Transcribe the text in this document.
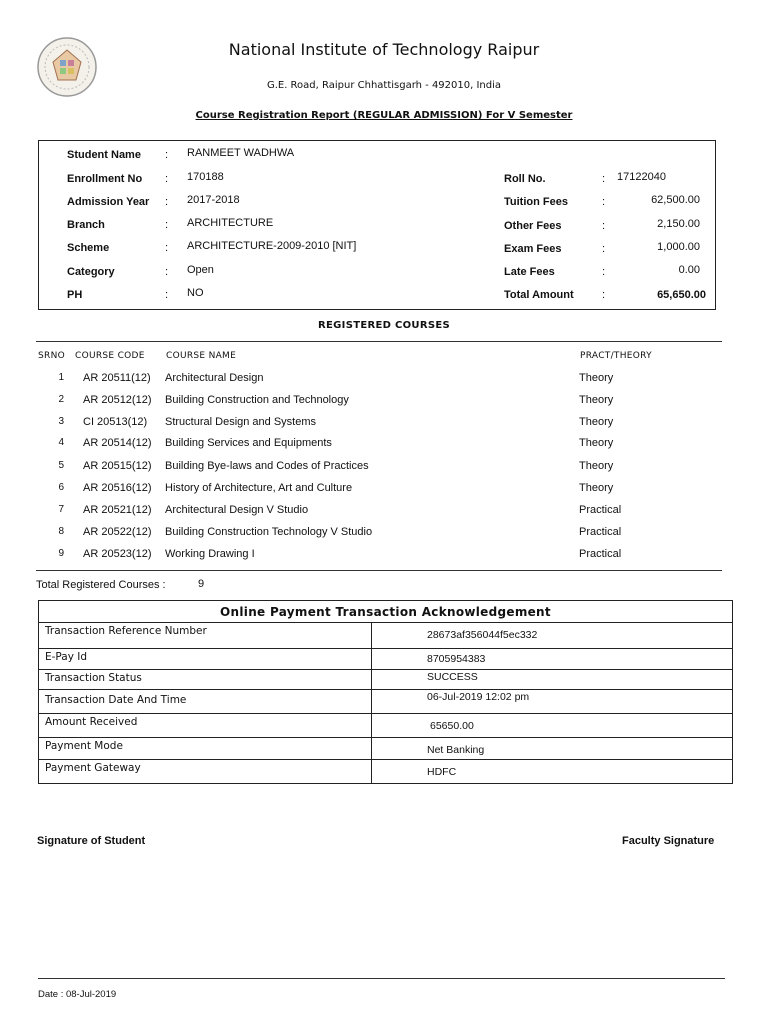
National Institute of Technology Raipur
G.E. Road, Raipur Chhattisgarh - 492010, India
Course Registration Report (REGULAR ADMISSION) For V Semester
Student Name : RANMEET WADHWA
Enrollment No : 170188
Admission Year : 2017-2018
Branch	: ARCHITECTURE
Scheme	: ARCHITECTURE-2009-2010 [NIT]
Category	: Open
PH	: NO
Roll No.	: 17122040
Tuition Fees	:	62,500.00
Other Fees	:	2,150.00
Exam Fees	:	1,000.00
Late Fees	:	0.00
Total Amount	:	65,650.00
REGISTERED COURSES
SRNO COURSE CODE COURSE NAME	PRACT/THEORY
1 AR 20511(12) Architectural Design	Theory
2 AR 20512(12) Building Construction and Technology	Theory
3 CI 20513(12) Structural Design and Systems	Theory
4 AR 20514(12) Building Services and Equipments	Theory
5 AR 20515(12) Building Bye-laws and Codes of Practices	Theory
6 AR 20516(12) History of Architecture, Art and Culture	Theory
7 AR 20521(12) Architectural Design V Studio	Practical
8 AR 20522(12) Building Construction Technology V Studio	Practical
9 AR 20523(12) Working Drawing I	Practical
Total Registered Courses :	9
Online Payment Transaction Acknowledgement	
Transaction Reference Number	28673af356044f5ec332
E-Pay Id	8705954383
Transaction Status	SUCCESS
Transaction Date And Time	06-Jul-2019 12:02 pm
Amount Received	65650.00
Payment Mode	Net Banking
Payment Gateway	HDFC
Signature of Student	Faculty Signature
Date : 08-Jul-2019
